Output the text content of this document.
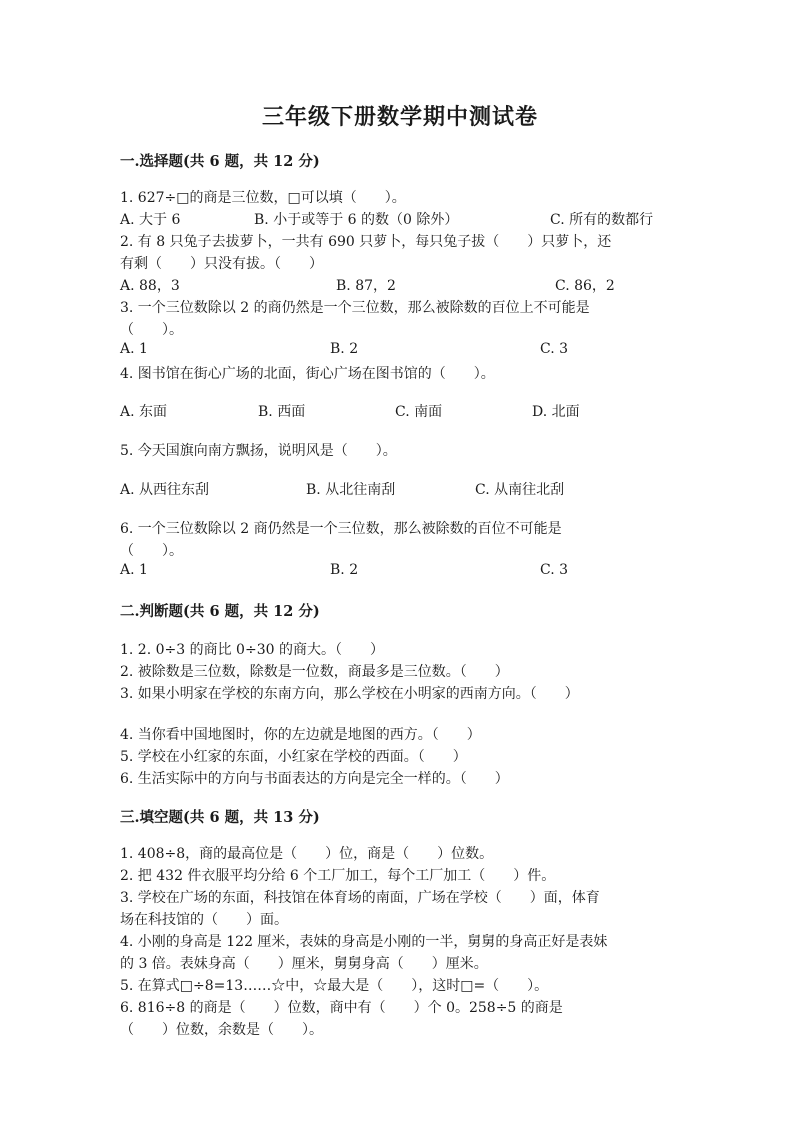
三年级下册数学期中测试卷
一.选择题(共 6 题，共 12 分)
1. 627÷□的商是三位数，□可以填（　　）。
A. 大于 6	B. 小于或等于 6 的数（0 除外）	C. 所有的数都行
2. 有 8 只兔子去拔萝卜，一共有 690 只萝卜，每只兔子拔（　　）只萝卜，还
有剩（　　）只没有拔。（　　）
A. 88，3	B. 87，2	C. 86，2
3. 一个三位数除以 2 的商仍然是一个三位数，那么被除数的百位上不可能是
（　　）。
A. 1	B. 2	C. 3
4. 图书馆在街心广场的北面，街心广场在图书馆的（　　）。
A. 东面	B. 西面	C. 南面	D. 北面
5. 今天国旗向南方飘扬，说明风是（　　）。
A. 从西往东刮	B. 从北往南刮	C. 从南往北刮
6. 一个三位数除以 2 商仍然是一个三位数，那么被除数的百位不可能是
（　　）。
A. 1	B. 2	C. 3
二.判断题(共 6 题，共 12 分)
1. 2. 0÷3 的商比 0÷30 的商大。（　　）
2. 被除数是三位数，除数是一位数，商最多是三位数。（　　）
3. 如果小明家在学校的东南方向，那么学校在小明家的西南方向。（　　）
4. 当你看中国地图时，你的左边就是地图的西方。（　　）
5. 学校在小红家的东面，小红家在学校的西面。（　　）
6. 生活实际中的方向与书面表达的方向是完全一样的。（　　）
三.填空题(共 6 题，共 13 分)
1. 408÷8，商的最高位是（　　）位，商是（　　）位数。
2. 把 432 件衣服平均分给 6 个工厂加工，每个工厂加工（　　）件。
3. 学校在广场的东面，科技馆在体育场的南面，广场在学校（　　）面，体育
场在科技馆的（　　）面。
4. 小刚的身高是 122 厘米，表妹的身高是小刚的一半，舅舅的身高正好是表妹
的 3 倍。表妹身高（　　）厘米，舅舅身高（　　）厘米。
5. 在算式□÷8=13……☆中，☆最大是（　　），这时□=（　　）。
6. 816÷8 的商是（　　）位数，商中有（　　）个 0。258÷5 的商是
（　　）位数，余数是（　　）。
